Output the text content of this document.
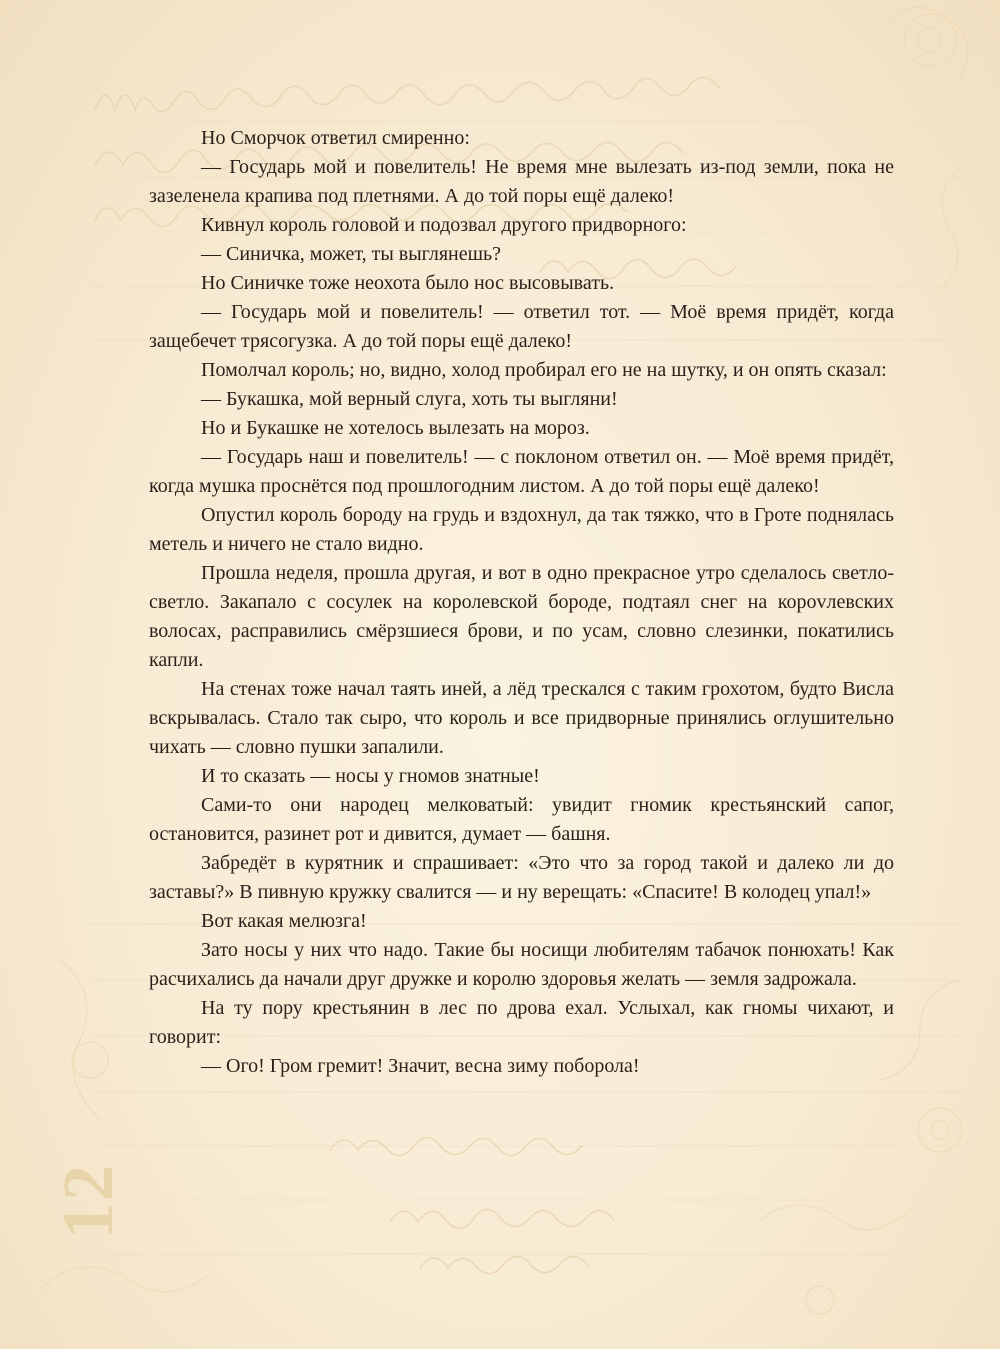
Но Сморчок ответил смиренно:

— Государь мой и повелитель! Не время мне вылезать из-под земли, пока не зазеленела крапива под плетнями. А до той поры ещё далеко!

Кивнул король головой и подозвал другого придворного:

— Синичка, может, ты выглянешь?

Но Синичке тоже неохота было нос высовывать.

— Государь мой и повелитель! — ответил тот. — Моё время придёт, когда защебечет трясогузка. А до той поры ещё далеко!

Помолчал король; но, видно, холод пробирал его не на шутку, и он опять сказал:

— Букашка, мой верный слуга, хоть ты выгляни!

Но и Букашке не хотелось вылезать на мороз.

— Государь наш и повелитель! — с поклоном ответил он. — Моё время придёт, когда мушка проснётся под прошлогодним листом. А до той поры ещё далеко!

Опустил король бороду на грудь и вздохнул, да так тяжко, что в Гроте поднялась метель и ничего не стало видно.

Прошла неделя, прошла другая, и вот в одно прекрасное утро сделалось светло-светло. Закапало с сосулек на королевской бороде, подтаял снег на короvлевских волосах, расправились смёрзшиеся брови, и по усам, словно слезинки, покатились капли.

На стенах тоже начал таять иней, а лёд трескался с таким грохотом, будто Висла вскрывалась. Стало так сыро, что король и все придворные принялись оглушительно чихать — словно пушки запалили.

И то сказать — носы у гномов знатные!

Сами-то они народец мелковатый: увидит гномик крестьянский сапог, остановится, разинет рот и дивится, думает — башня.

Забредёт в курятник и спрашивает: «Это что за город такой и далеко ли до заставы?» В пивную кружку свалится — и ну верещать: «Спасите! В колодец упал!»

Вот какая мелюзга!

Зато носы у них что надо. Такие бы носищи любителям табачок понюхать! Как расчихались да начали друг дружке и королю здоровья желать — земля задрожала.

На ту пору крестьянин в лес по дрова ехал. Услыхал, как гномы чихают, и говорит:

— Ого! Гром гремит! Значит, весна зиму поборола!

12
